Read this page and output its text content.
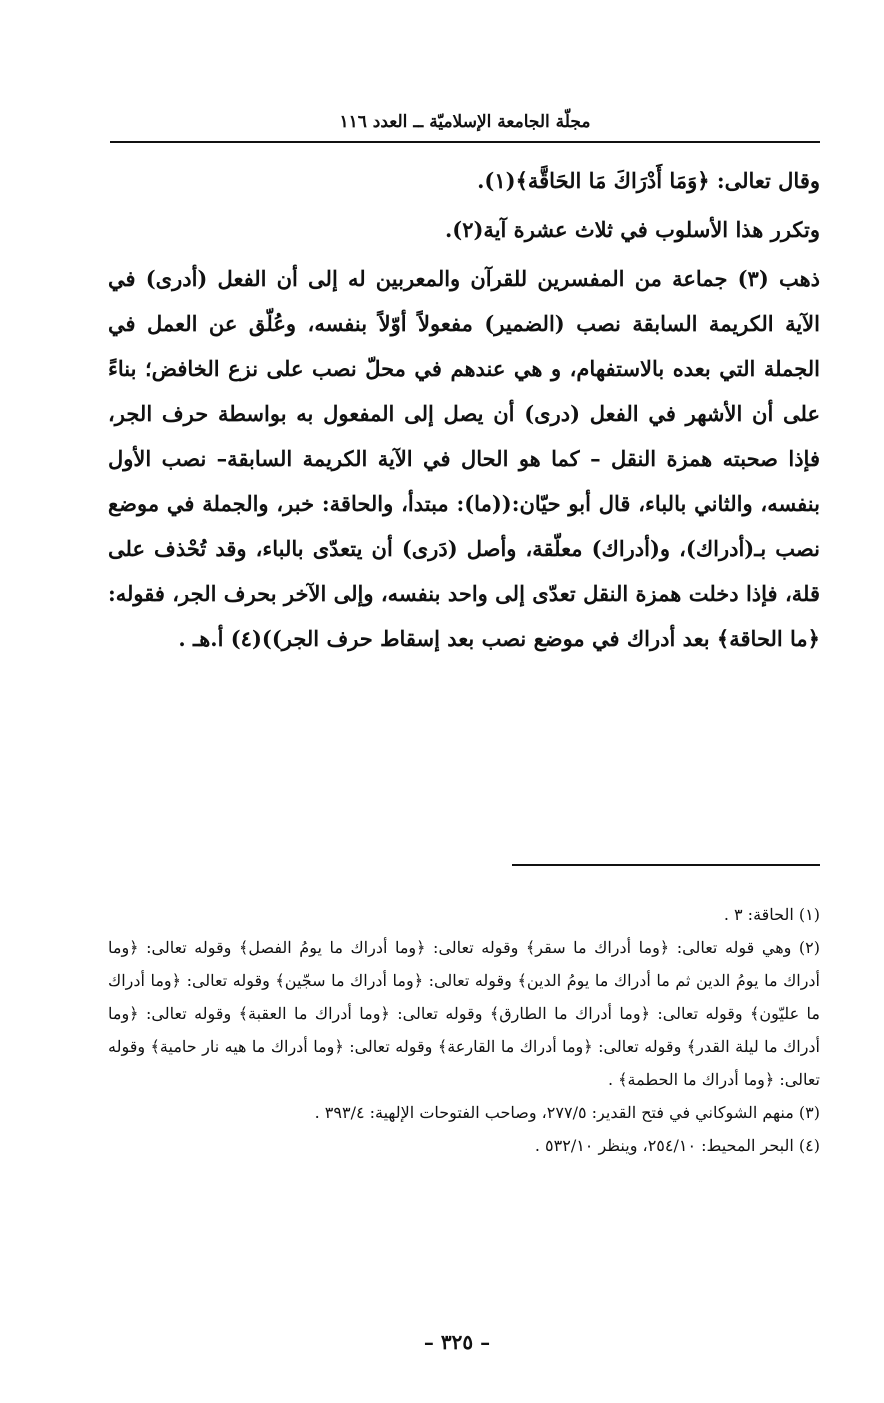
مجلّة الجامعة الإسلاميّة ــ العدد ١١٦

وقال تعالى: ﴿وَمَا أَدْرَاكَ مَا الحَاقَّة﴾(١).

وتكرر هذا الأسلوب في ثلاث عشرة آية(٢).

ذهب (٣) جماعة من المفسرين للقرآن والمعربين له إلى أن الفعل (أدرى) في الآية الكريمة السابقة نصب (الضمير) مفعولاً أوّلاً بنفسه، وعُلّق عن العمل في الجملة التي بعده بالاستفهام، و هي عندهم في محلّ نصب على نزع الخافض؛ بناءً على أن الأشهر في الفعل (درى) أن يصل إلى المفعول به بواسطة حرف الجر، فإذا صحبته همزة النقل – كما هو الحال في الآية الكريمة السابقة– نصب الأول بنفسه، والثاني بالباء، قال أبو حيّان:((ما): مبتدأ، والحاقة: خبر، والجملة في موضع نصب بـ(أدراك)، و(أدراك) معلّقة، وأصل (دَرى) أن يتعدّى بالباء، وقد تُحْذف على قلة، فإذا دخلت همزة النقل تعدّى إلى واحد بنفسه، وإلى الآخر بحرف الجر، فقوله: ﴿ما الحاقة﴾ بعد أدراك في موضع نصب بعد إسقاط حرف الجر))(٤) أ.هـ .

(١) الحاقة: ٣ .

(٢) وهي قوله تعالى: ﴿وما أدراك ما سقر﴾ وقوله تعالى: ﴿وما أدراك ما يومُ الفصل﴾ وقوله تعالى: ﴿وما أدراك ما يومُ الدين ثم ما أدراك ما يومُ الدين﴾ وقوله تعالى: ﴿وما أدراك ما سجّين﴾ وقوله تعالى: ﴿وما أدراك ما عليّون﴾ وقوله تعالى: ﴿وما أدراك ما الطارق﴾ وقوله تعالى: ﴿وما أدراك ما العقبة﴾ وقوله تعالى: ﴿وما أدراك ما ليلة القدر﴾ وقوله تعالى: ﴿وما أدراك ما القارعة﴾ وقوله تعالى: ﴿وما أدراك ما هيه نار حامية﴾ وقوله تعالى: ﴿وما أدراك ما الحطمة﴾ .

(٣) منهم الشوكاني في فتح القدير: ٢٧٧/٥، وصاحب الفتوحات الإلهية: ٣٩٣/٤ .

(٤) البحر المحيط: ٢٥٤/١٠، وينظر ٥٣٢/١٠ .

– ٣٢٥ –
